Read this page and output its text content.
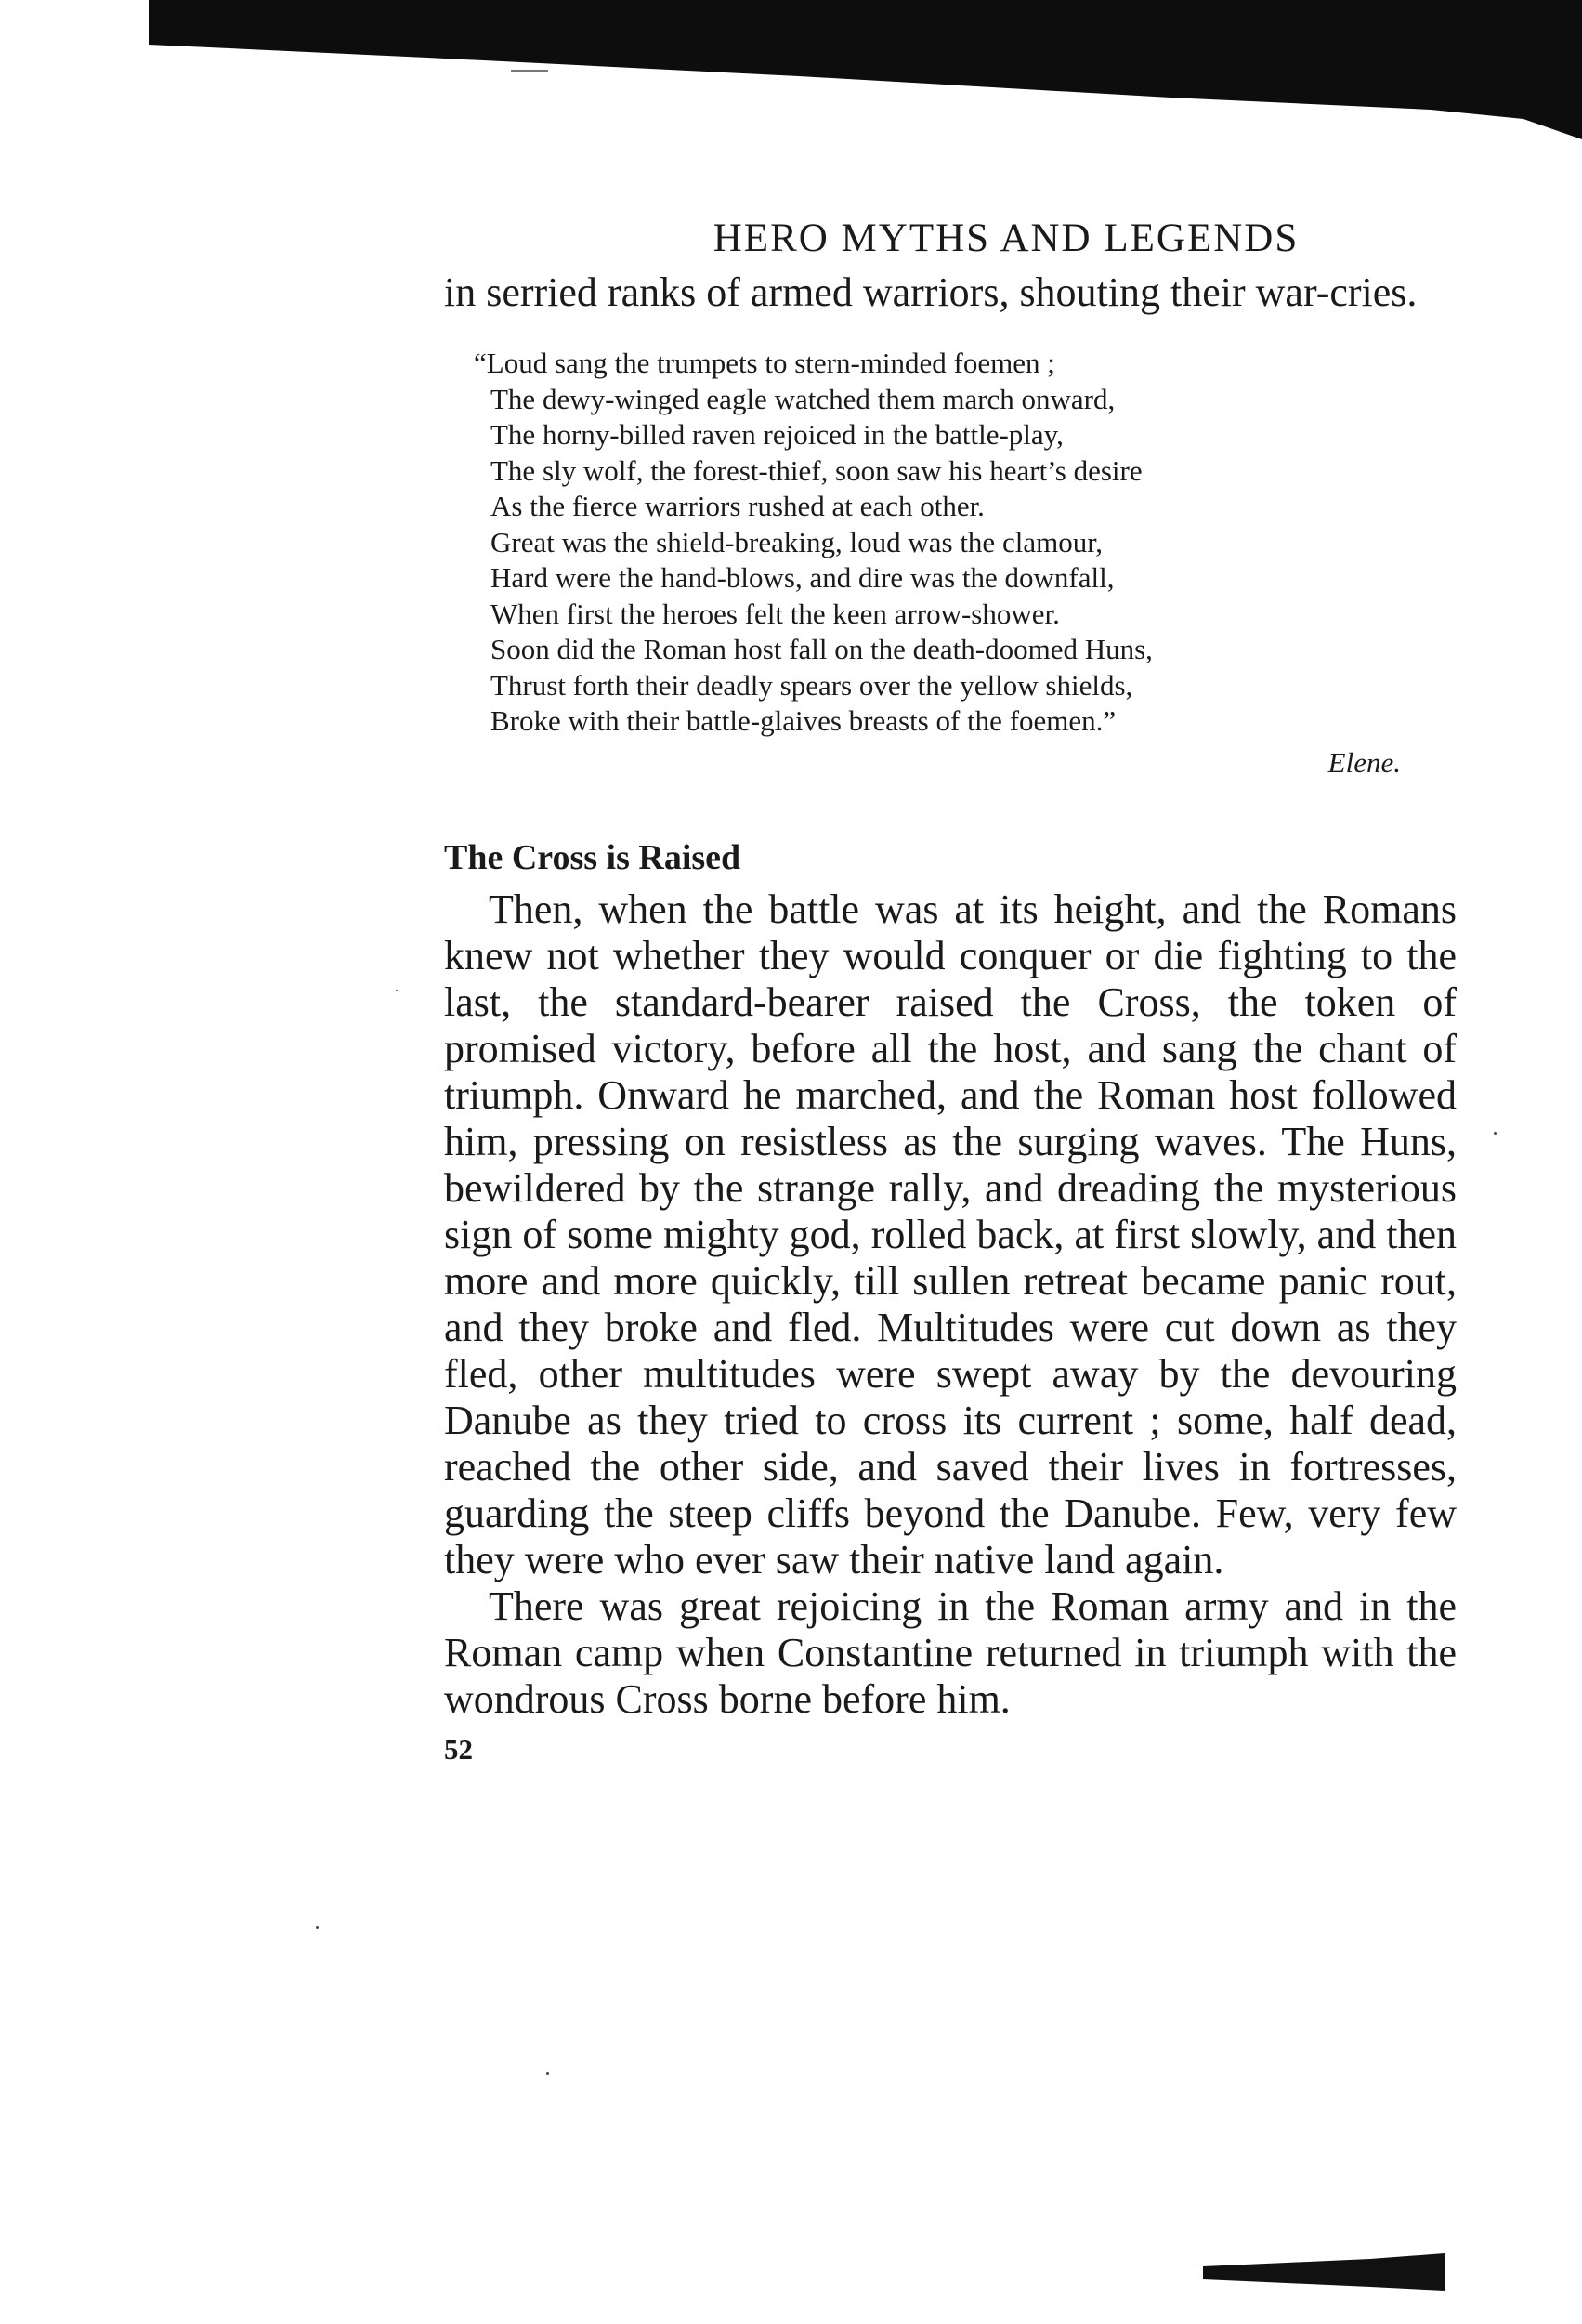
HERO MYTHS AND LEGENDS

in serried ranks of armed warriors, shouting their war-cries.

“Loud sang the trumpets to stern-minded foemen ;
The dewy-winged eagle watched them march onward,
The horny-billed raven rejoiced in the battle-play,
The sly wolf, the forest-thief, soon saw his heart’s desire
As the fierce warriors rushed at each other.
Great was the shield-breaking, loud was the clamour,
Hard were the hand-blows, and dire was the downfall,
When first the heroes felt the keen arrow-shower.
Soon did the Roman host fall on the death-doomed Huns,
Thrust forth their deadly spears over the yellow shields,
Broke with their battle-glaives breasts of the foemen.”
Elene.
The Cross is Raised

Then, when the battle was at its height, and the Romans knew not whether they would conquer or die fighting to the last, the standard-bearer raised the Cross, the token of promised victory, before all the host, and sang the chant of triumph. Onward he marched, and the Roman host followed him, pressing on resistless as the surging waves. The Huns, bewildered by the strange rally, and dreading the mysterious sign of some mighty god, rolled back, at first slowly, and then more and more quickly, till sullen retreat became panic rout, and they broke and fled. Multitudes were cut down as they fled, other multitudes were swept away by the devouring Danube as they tried to cross its current ; some, half dead, reached the other side, and saved their lives in fortresses, guarding the steep cliffs beyond the Danube. Few, very few they were who ever saw their native land again.

There was great rejoicing in the Roman army and in the Roman camp when Constantine returned in triumph with the wondrous Cross borne before him.

52
